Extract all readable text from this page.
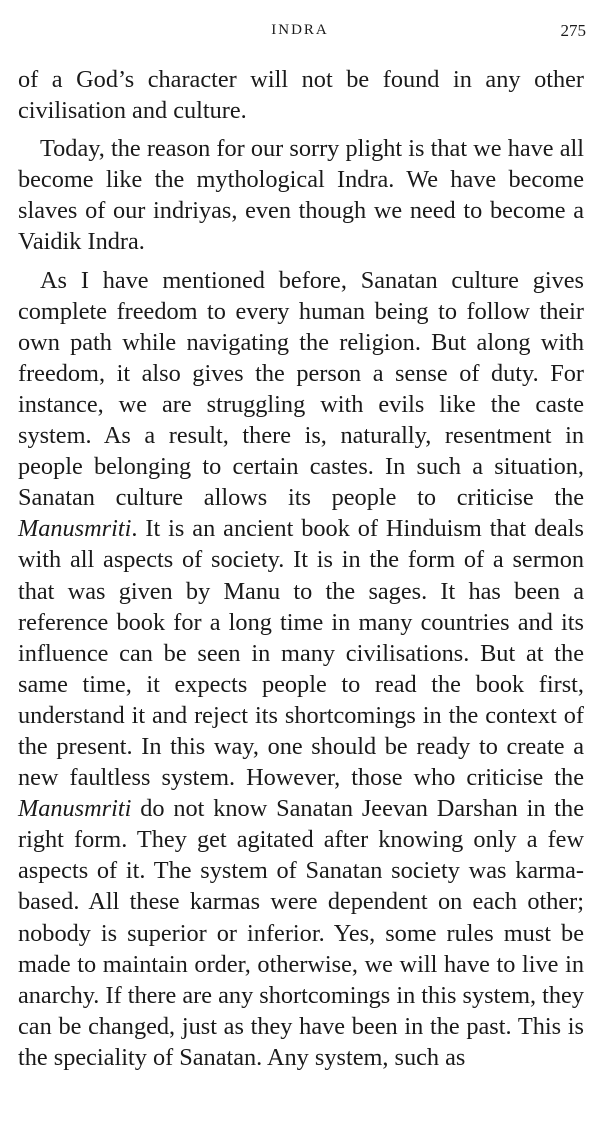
INDRA	275

of a God’s character will not be found in any other civilisation and culture.

Today, the reason for our sorry plight is that we have all become like the mythological Indra. We have become slaves of our indriyas, even though we need to become a Vaidik Indra.

As I have mentioned before, Sanatan culture gives complete freedom to every human being to follow their own path while navigating the religion. But along with freedom, it also gives the person a sense of duty. For instance, we are struggling with evils like the caste system. As a result, there is, naturally, resentment in people belonging to certain castes. In such a situation, Sanatan culture allows its people to criticise the Manusmriti. It is an ancient book of Hinduism that deals with all aspects of society. It is in the form of a sermon that was given by Manu to the sages. It has been a reference book for a long time in many countries and its influence can be seen in many civilisations. But at the same time, it expects people to read the book first, understand it and reject its shortcomings in the context of the present. In this way, one should be ready to create a new faultless system. However, those who criticise the Manusmriti do not know Sanatan Jeevan Darshan in the right form. They get agitated after knowing only a few aspects of it. The system of Sanatan society was karma-based. All these karmas were dependent on each other; nobody is superior or inferior. Yes, some rules must be made to maintain order, otherwise, we will have to live in anarchy. If there are any shortcomings in this system, they can be changed, just as they have been in the past. This is the speciality of Sanatan. Any system, such as
